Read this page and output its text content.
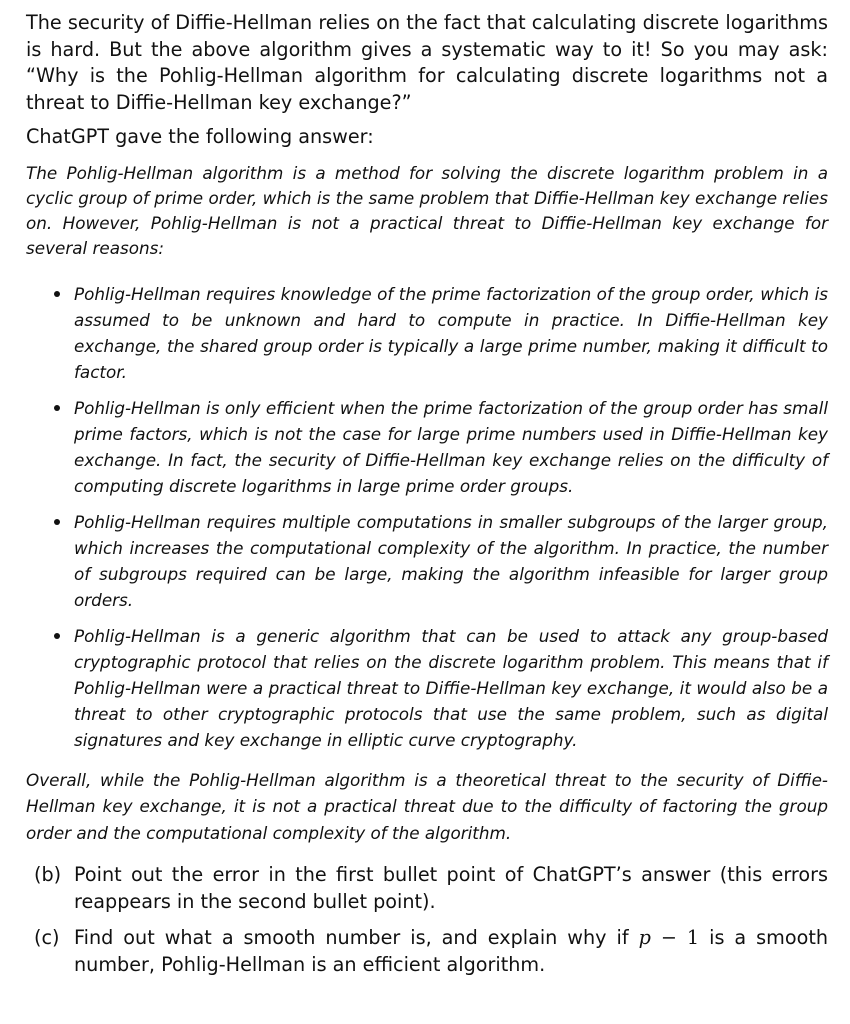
The security of Diffie-Hellman relies on the fact that calculating discrete logarithms is hard. But the above algorithm gives a systematic way to it! So you may ask: “Why is the Pohlig-Hellman algorithm for calculating discrete logarithms not a threat to Diffie-Hellman key exchange?”

ChatGPT gave the following answer:

The Pohlig-Hellman algorithm is a method for solving the discrete logarithm problem in a cyclic group of prime order, which is the same problem that Diffie-Hellman key exchange relies on. However, Pohlig-Hellman is not a practical threat to Diffie-Hellman key exchange for several reasons:

Pohlig-Hellman requires knowledge of the prime factorization of the group order, which is assumed to be unknown and hard to compute in practice. In Diffie-Hellman key exchange, the shared group order is typically a large prime number, making it difficult to factor.
Pohlig-Hellman is only efficient when the prime factorization of the group order has small prime factors, which is not the case for large prime numbers used in Diffie-Hellman key exchange. In fact, the security of Diffie-Hellman key exchange relies on the difficulty of computing discrete logarithms in large prime order groups.
Pohlig-Hellman requires multiple computations in smaller subgroups of the larger group, which increases the computational complexity of the algorithm. In practice, the number of subgroups required can be large, making the algorithm infeasible for larger group orders.
Pohlig-Hellman is a generic algorithm that can be used to attack any group-based cryptographic protocol that relies on the discrete logarithm problem. This means that if Pohlig-Hellman were a practical threat to Diffie-Hellman key exchange, it would also be a threat to other cryptographic protocols that use the same problem, such as digital signatures and key exchange in elliptic curve cryptography.

Overall, while the Pohlig-Hellman algorithm is a theoretical threat to the security of Diffie-Hellman key exchange, it is not a practical threat due to the difficulty of factoring the group order and the computational complexity of the algorithm.

(b) Point out the error in the first bullet point of ChatGPT’s answer (this errors reappears in the second bullet point).
(c) Find out what a smooth number is, and explain why if p − 1 is a smooth number, Pohlig-Hellman is an efficient algorithm.
